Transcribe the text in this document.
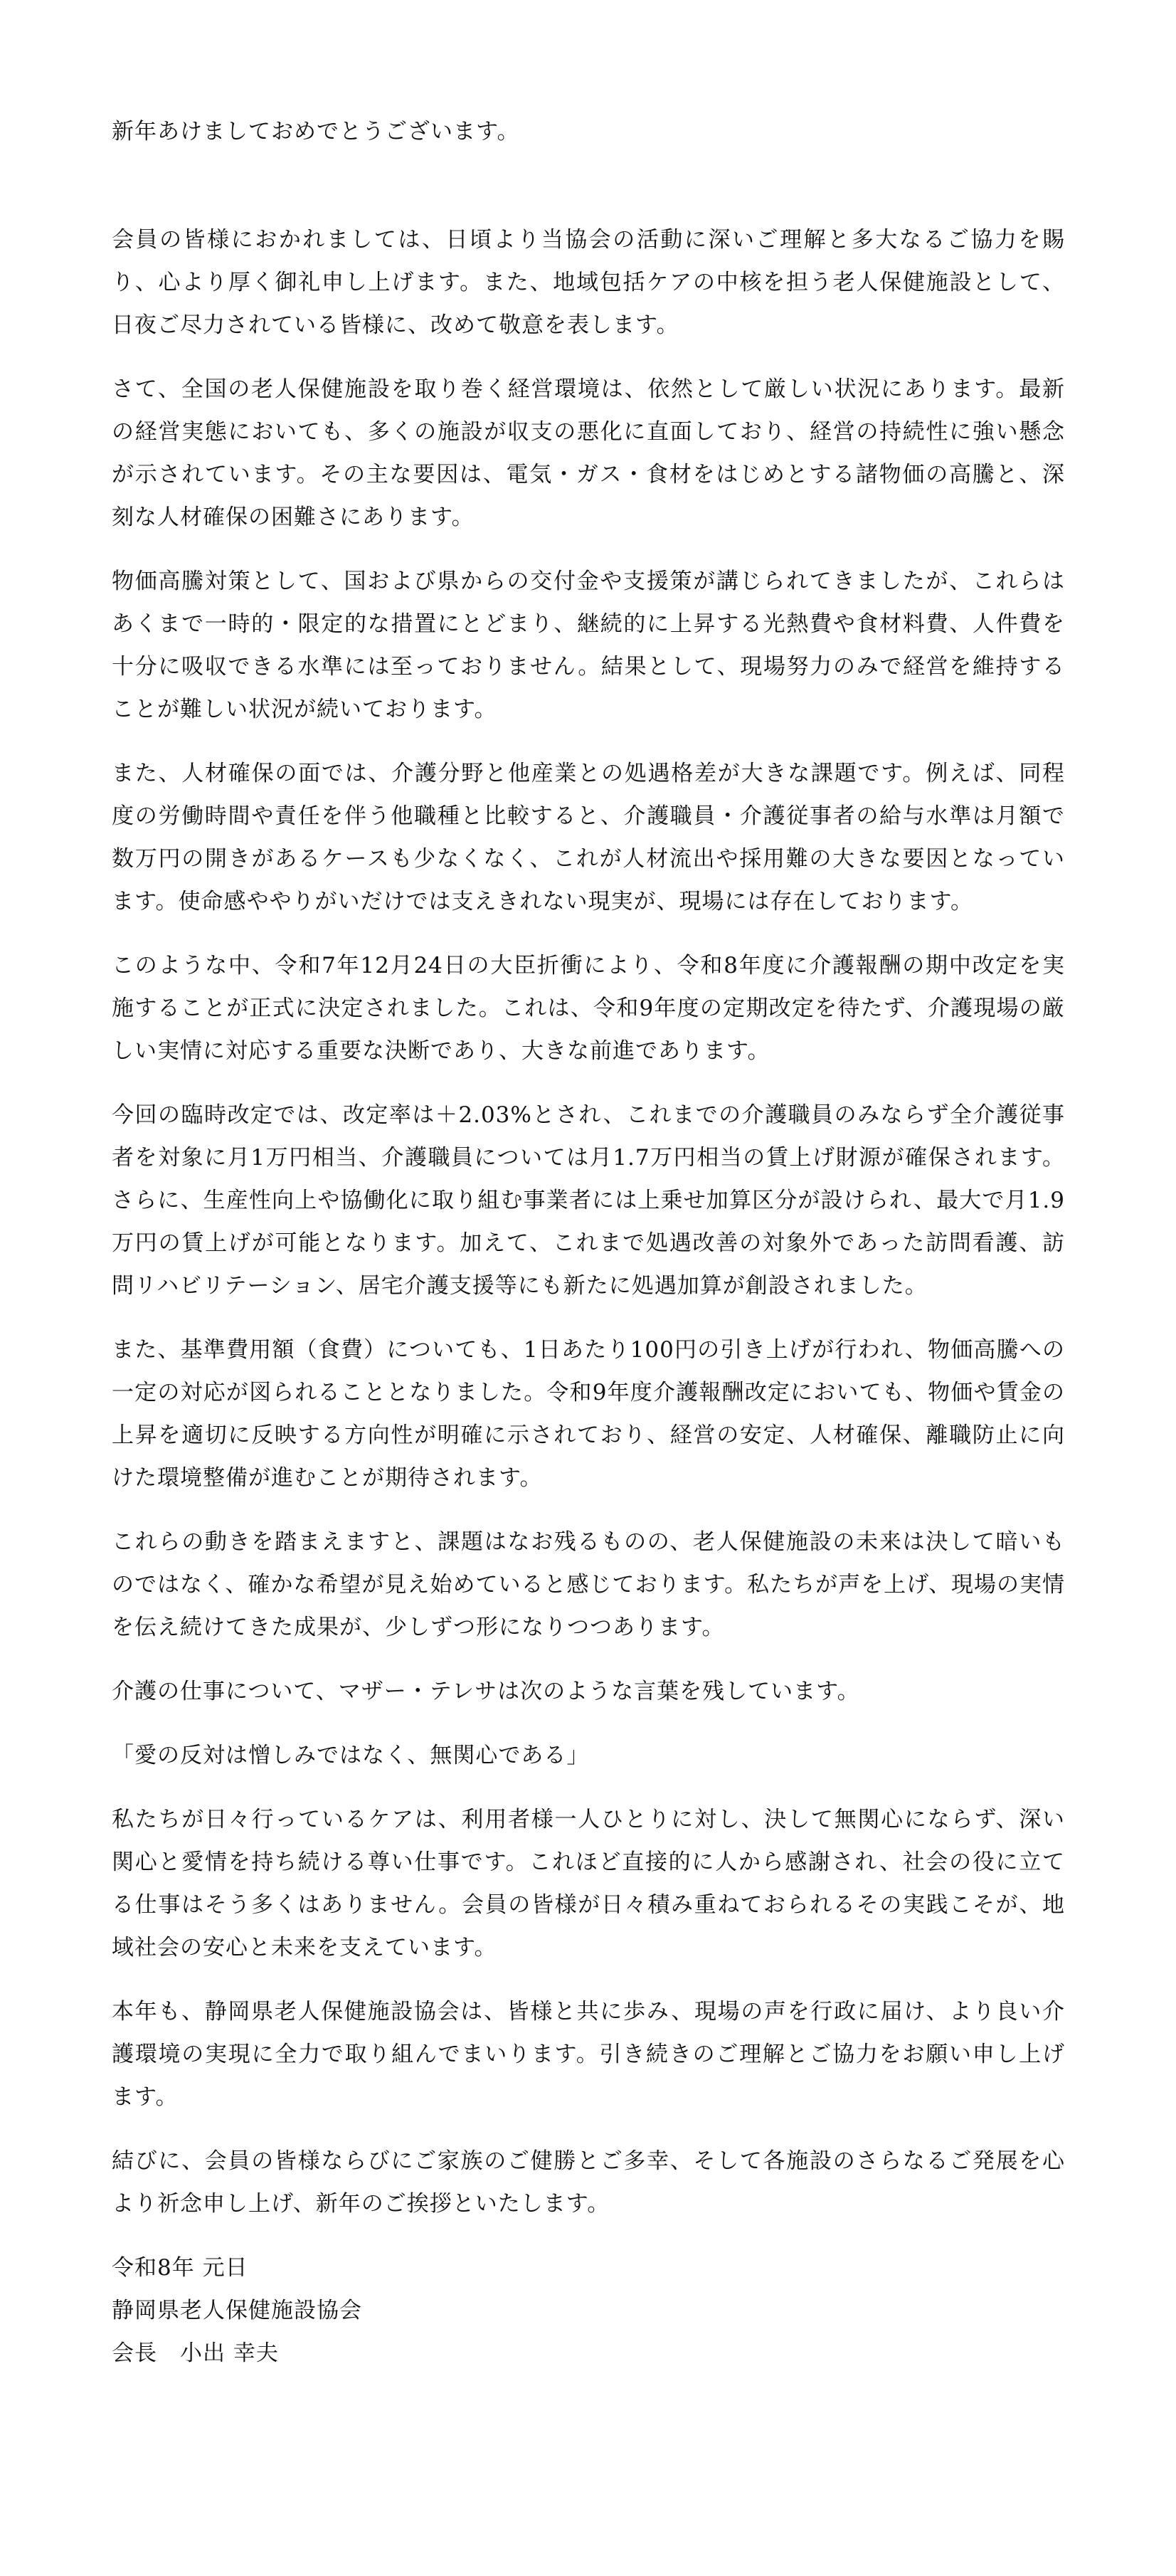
新年あけましておめでとうございます。

会員の皆様におかれましては、日頃より当協会の活動に深いご理解と多大なるご協力を賜り、心より厚く御礼申し上げます。また、地域包括ケアの中核を担う老人保健施設として、日夜ご尽力されている皆様に、改めて敬意を表します。

さて、全国の老人保健施設を取り巻く経営環境は、依然として厳しい状況にあります。最新の経営実態においても、多くの施設が収支の悪化に直面しており、経営の持続性に強い懸念が示されています。その主な要因は、電気・ガス・食材をはじめとする諸物価の高騰と、深刻な人材確保の困難さにあります。

物価高騰対策として、国および県からの交付金や支援策が講じられてきましたが、これらはあくまで一時的・限定的な措置にとどまり、継続的に上昇する光熱費や食材料費、人件費を十分に吸収できる水準には至っておりません。結果として、現場努力のみで経営を維持することが難しい状況が続いております。

また、人材確保の面では、介護分野と他産業との処遇格差が大きな課題です。例えば、同程度の労働時間や責任を伴う他職種と比較すると、介護職員・介護従事者の給与水準は月額で数万円の開きがあるケースも少なくなく、これが人材流出や採用難の大きな要因となっています。使命感ややりがいだけでは支えきれない現実が、現場には存在しております。

このような中、令和7年12月24日の大臣折衝により、令和8年度に介護報酬の期中改定を実施することが正式に決定されました。これは、令和9年度の定期改定を待たず、介護現場の厳しい実情に対応する重要な決断であり、大きな前進であります。

今回の臨時改定では、改定率は＋2.03%とされ、これまでの介護職員のみならず全介護従事者を対象に月1万円相当、介護職員については月1.7万円相当の賃上げ財源が確保されます。さらに、生産性向上や協働化に取り組む事業者には上乗せ加算区分が設けられ、最大で月1.9万円の賃上げが可能となります。加えて、これまで処遇改善の対象外であった訪問看護、訪問リハビリテーション、居宅介護支援等にも新たに処遇加算が創設されました。

また、基準費用額（食費）についても、1日あたり100円の引き上げが行われ、物価高騰への一定の対応が図られることとなりました。令和9年度介護報酬改定においても、物価や賃金の上昇を適切に反映する方向性が明確に示されており、経営の安定、人材確保、離職防止に向けた環境整備が進むことが期待されます。

これらの動きを踏まえますと、課題はなお残るものの、老人保健施設の未来は決して暗いものではなく、確かな希望が見え始めていると感じております。私たちが声を上げ、現場の実情を伝え続けてきた成果が、少しずつ形になりつつあります。

介護の仕事について、マザー・テレサは次のような言葉を残しています。

「愛の反対は憎しみではなく、無関心である」

私たちが日々行っているケアは、利用者様一人ひとりに対し、決して無関心にならず、深い関心と愛情を持ち続ける尊い仕事です。これほど直接的に人から感謝され、社会の役に立てる仕事はそう多くはありません。会員の皆様が日々積み重ねておられるその実践こそが、地域社会の安心と未来を支えています。

本年も、静岡県老人保健施設協会は、皆様と共に歩み、現場の声を行政に届け、より良い介護環境の実現に全力で取り組んでまいります。引き続きのご理解とご協力をお願い申し上げます。

結びに、会員の皆様ならびにご家族のご健勝とご多幸、そして各施設のさらなるご発展を心より祈念申し上げ、新年のご挨拶といたします。

令和8年 元日
静岡県老人保健施設協会
会長　小出 幸夫
